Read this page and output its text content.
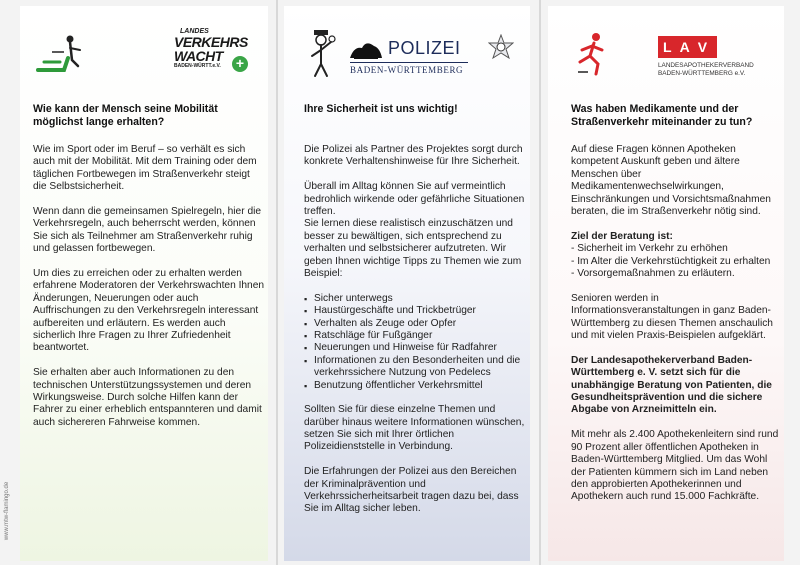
www.mtw-flamingo.de
LANDES
VERKEHRS
WACHT
BADEN-WÜRTT.e.V.	+
Wie kann der Mensch seine Mobilität möglichst lange erhalten?

Wie im Sport oder im Beruf – so verhält es sich auch mit der Mobilität. Mit dem Training oder dem täglichen Fortbewegen im Straßenverkehr steigt die Selbstsicherheit.

Wenn dann die gemeinsamen Spielregeln, hier die Verkehrsregeln, auch beherrscht werden, können Sie sich als Teilnehmer am Straßenverkehr ruhig und gelassen fortbewegen.

Um dies zu erreichen oder zu erhalten werden erfahrene Moderatoren der Verkehrswachten Ihnen Änderungen, Neuerungen oder auch Auffrischungen zu den Verkehrsregeln interessant aufbereiten und erläutern. Es werden auch sicherlich Ihre Fragen zu Ihrer Zufriedenheit beantwortet.

Sie erhalten aber auch Informationen zu den technischen Unterstützungssystemen und deren Wirkungsweise. Durch solche Hilfen kann der Fahrer zu einer erheblich entspannteren und damit auch sichereren Fahrweise kommen.

POLIZEI
BADEN-WÜRTTEMBERG
Ihre Sicherheit ist uns wichtig!

Die Polizei als Partner des Projektes sorgt durch konkrete Verhaltenshinweise für Ihre Sicherheit.

Überall im Alltag können Sie auf vermeintlich bedrohlich wirkende oder gefährliche Situationen treffen.

Sie lernen diese realistisch einzuschätzen und besser zu bewältigen, sich entsprechend zu verhalten und selbstsicherer aufzutreten. Wir geben Ihnen wichtige Tipps zu Themen wie zum Beispiel:

▪ Sicher unterwegs
▪ Haustürgeschäfte und Trickbetrüger
▪ Verhalten als Zeuge oder Opfer
▪ Ratschläge für Fußgänger
▪ Neuerungen und Hinweise für Radfahrer
▪ Informationen zu den Besonderheiten und die verkehrssichere Nutzung von Pedelecs
▪ Benutzung öffentlicher Verkehrsmittel

Sollten Sie für diese einzelne Themen und darüber hinaus weitere Informationen wünschen, setzen Sie sich mit Ihrer örtlichen Polizeidienststelle in Verbindung.

Die Erfahrungen der Polizei aus den Bereichen der Kriminalprävention und Verkehrssicherheitsarbeit tragen dazu bei, dass Sie im Alltag sicher leben.

L A V
LANDESAPOTHEKERVERBAND
BADEN-WÜRTTEMBERG e.V.
Was haben Medikamente und der Straßenverkehr miteinander zu tun?

Auf diese Fragen können Apotheken kompetent Auskunft geben und ältere Menschen über Medikamentenwechselwirkungen, Einschränkungen und Vorsichtsmaßnahmen beraten, die im Straßenverkehr nötig sind.

Ziel der Beratung ist:
- Sicherheit im Verkehr zu erhöhen
- Im Alter die Verkehrstüchtigkeit zu erhalten
- Vorsorgemaßnahmen zu erläutern.

Senioren werden in Informationsveranstaltungen in ganz Baden-Württemberg zu diesen Themen anschaulich und mit vielen Praxis-Beispielen aufgeklärt.

Der Landesapothekerverband Baden-Württemberg e. V. setzt sich für die unabhängige Beratung von Patienten, die Gesundheitsprävention und die sichere Abgabe von Arzneimitteln ein.

Mit mehr als 2.400 Apothekenleitern sind rund 90 Prozent aller öffentlichen Apotheken in Baden-Württemberg Mitglied. Um das Wohl der Patienten kümmern sich im Land neben den approbierten Apothekerinnen und Apothekern auch rund 15.000 Fachkräfte.
